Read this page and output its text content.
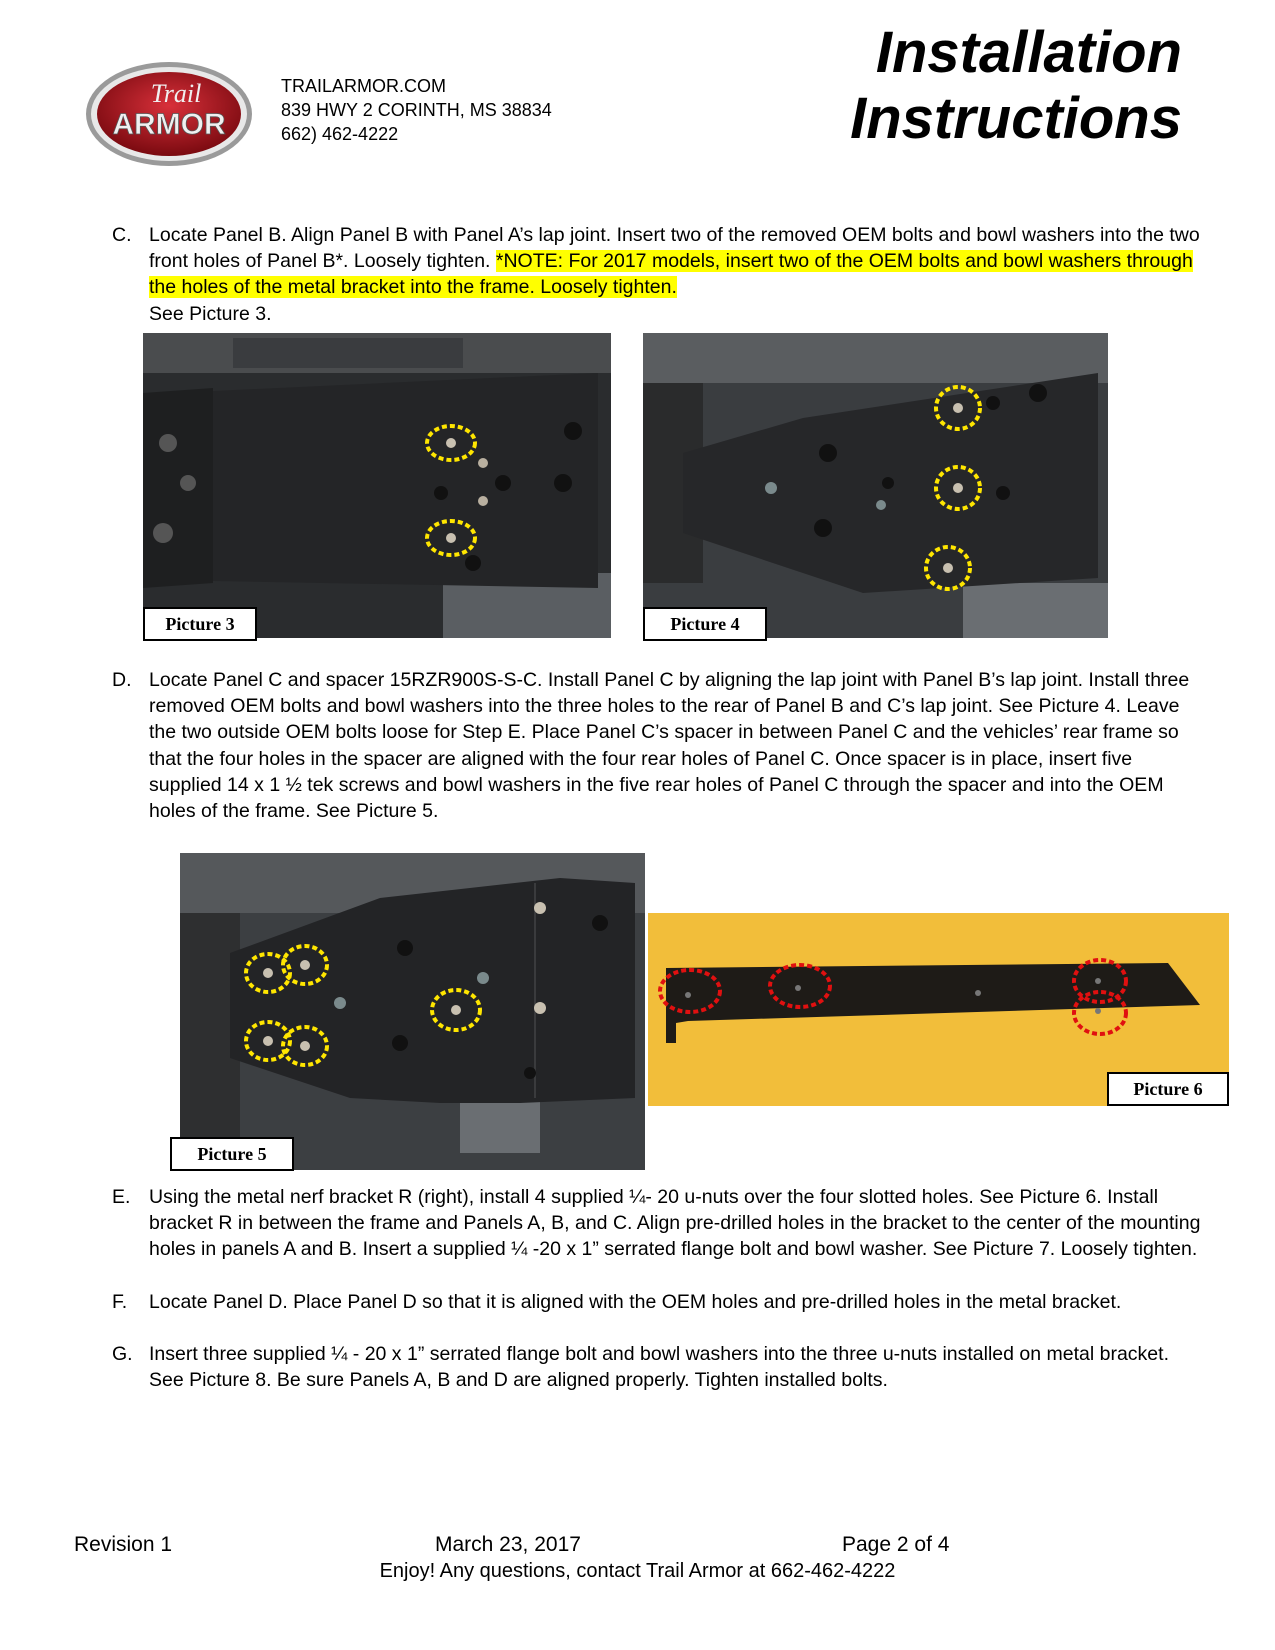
Trail
ARMOR
TRAILARMOR.COM
839 HWY 2 CORINTH, MS 38834
662) 462-4222
Installation
Instructions
C. Locate Panel B. Align Panel B with Panel A’s lap joint. Insert two of the removed OEM bolts and bowl washers into the two front holes of Panel B*. Loosely tighten. *NOTE: For 2017 models, insert two of the OEM bolts and bowl washers through the holes of the metal bracket into the frame. Loosely tighten.
See Picture 3.
Picture 3	Picture 4
D. Locate Panel C and spacer 15RZR900S-S-C. Install Panel C by aligning the lap joint with Panel B’s lap joint. Install three removed OEM bolts and bowl washers into the three holes to the rear of Panel B and C’s lap joint. See Picture 4. Leave the two outside OEM bolts loose for Step E. Place Panel C’s spacer in between Panel C and the vehicles’ rear frame so that the four holes in the spacer are aligned with the four rear holes of Panel C. Once spacer is in place, insert five supplied 14 x 1 ½ tek screws and bowl washers in the five rear holes of Panel C through the spacer and into the OEM holes of the frame. See Picture 5.
Picture 5
Picture 6
E. Using the metal nerf bracket R (right), install 4 supplied ¼- 20 u-nuts over the four slotted holes. See Picture 6. Install bracket R in between the frame and Panels A, B, and C. Align pre-drilled holes in the bracket to the center of the mounting holes in panels A and B. Insert a supplied ¼ -20 x 1” serrated flange bolt and bowl washer. See Picture 7. Loosely tighten.
F. Locate Panel D. Place Panel D so that it is aligned with the OEM holes and pre-drilled holes in the metal bracket.
G. Insert three supplied ¼ - 20 x 1” serrated flange bolt and bowl washers into the three u-nuts installed on metal bracket. See Picture 8. Be sure Panels A, B and D are aligned properly. Tighten installed bolts.
Revision 1	March 23, 2017	Page 2 of 4
Enjoy! Any questions, contact Trail Armor at 662-462-4222
